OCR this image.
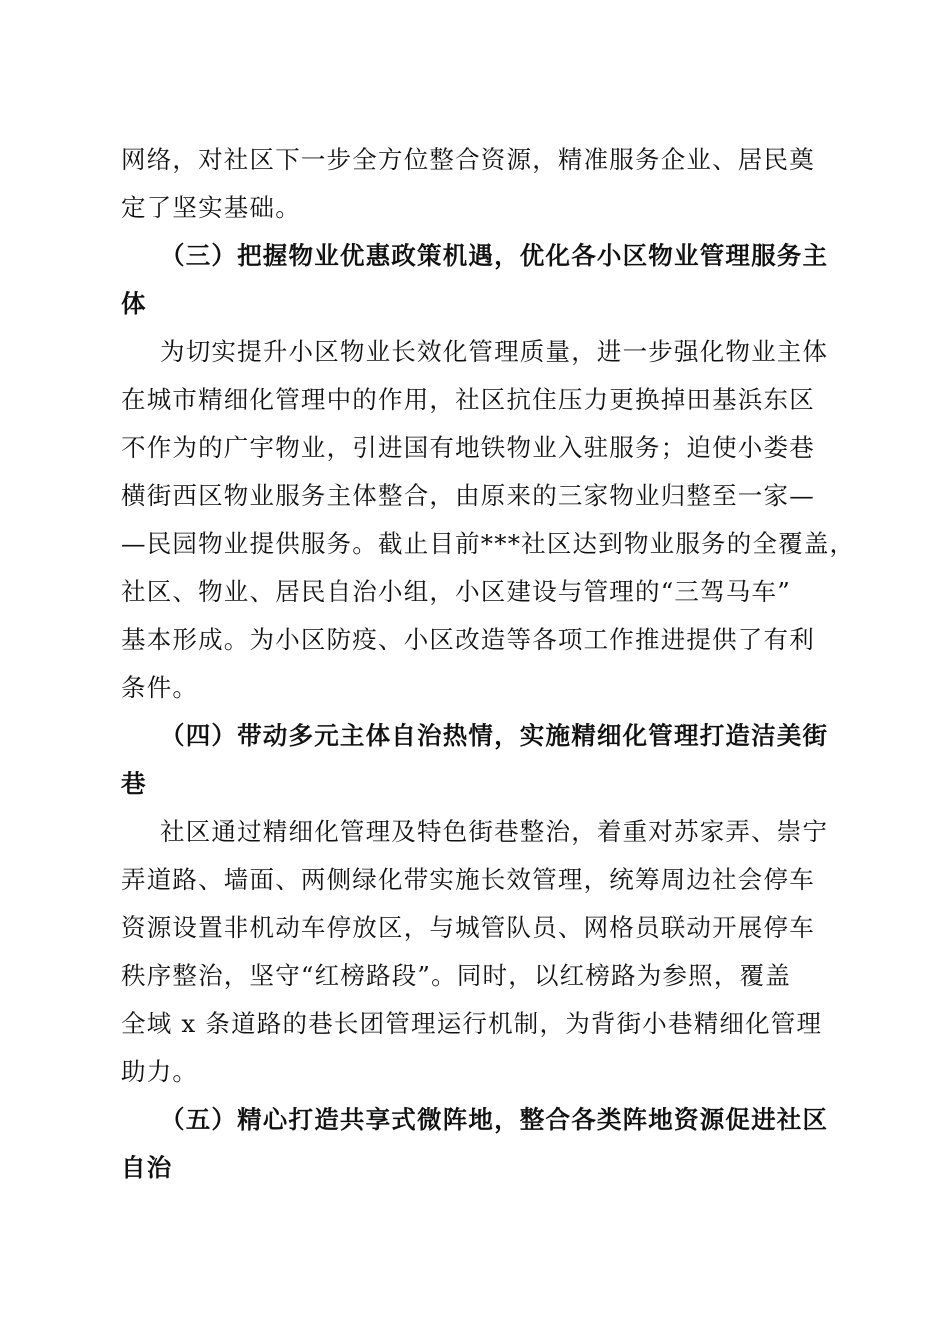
网络，对社区下一步全方位整合资源，精准服务企业、居民奠
定了坚实基础。
（三）把握物业优惠政策机遇，优化各小区物业管理服务主
体
为切实提升小区物业长效化管理质量，进一步强化物业主体
在城市精细化管理中的作用，社区抗住压力更换掉田基浜东区
不作为的广宇物业，引进国有地铁物业入驻服务；迫使小娄巷
横街西区物业服务主体整合，由原来的三家物业归整至一家—
—民园物业提供服务。截止目前***社区达到物业服务的全覆盖，
社区、物业、居民自治小组，小区建设与管理的“三驾马车”
基本形成。为小区防疫、小区改造等各项工作推进提供了有利
条件。
（四）带动多元主体自治热情，实施精细化管理打造洁美街
巷
社区通过精细化管理及特色街巷整治，着重对苏家弄、崇宁
弄道路、墙面、两侧绿化带实施长效管理，统筹周边社会停车
资源设置非机动车停放区，与城管队员、网格员联动开展停车
秩序整治，坚守“红榜路段”。同时，以红榜路为参照，覆盖
全域 x 条道路的巷长团管理运行机制，为背街小巷精细化管理
助力。
（五）精心打造共享式微阵地，整合各类阵地资源促进社区
自治
